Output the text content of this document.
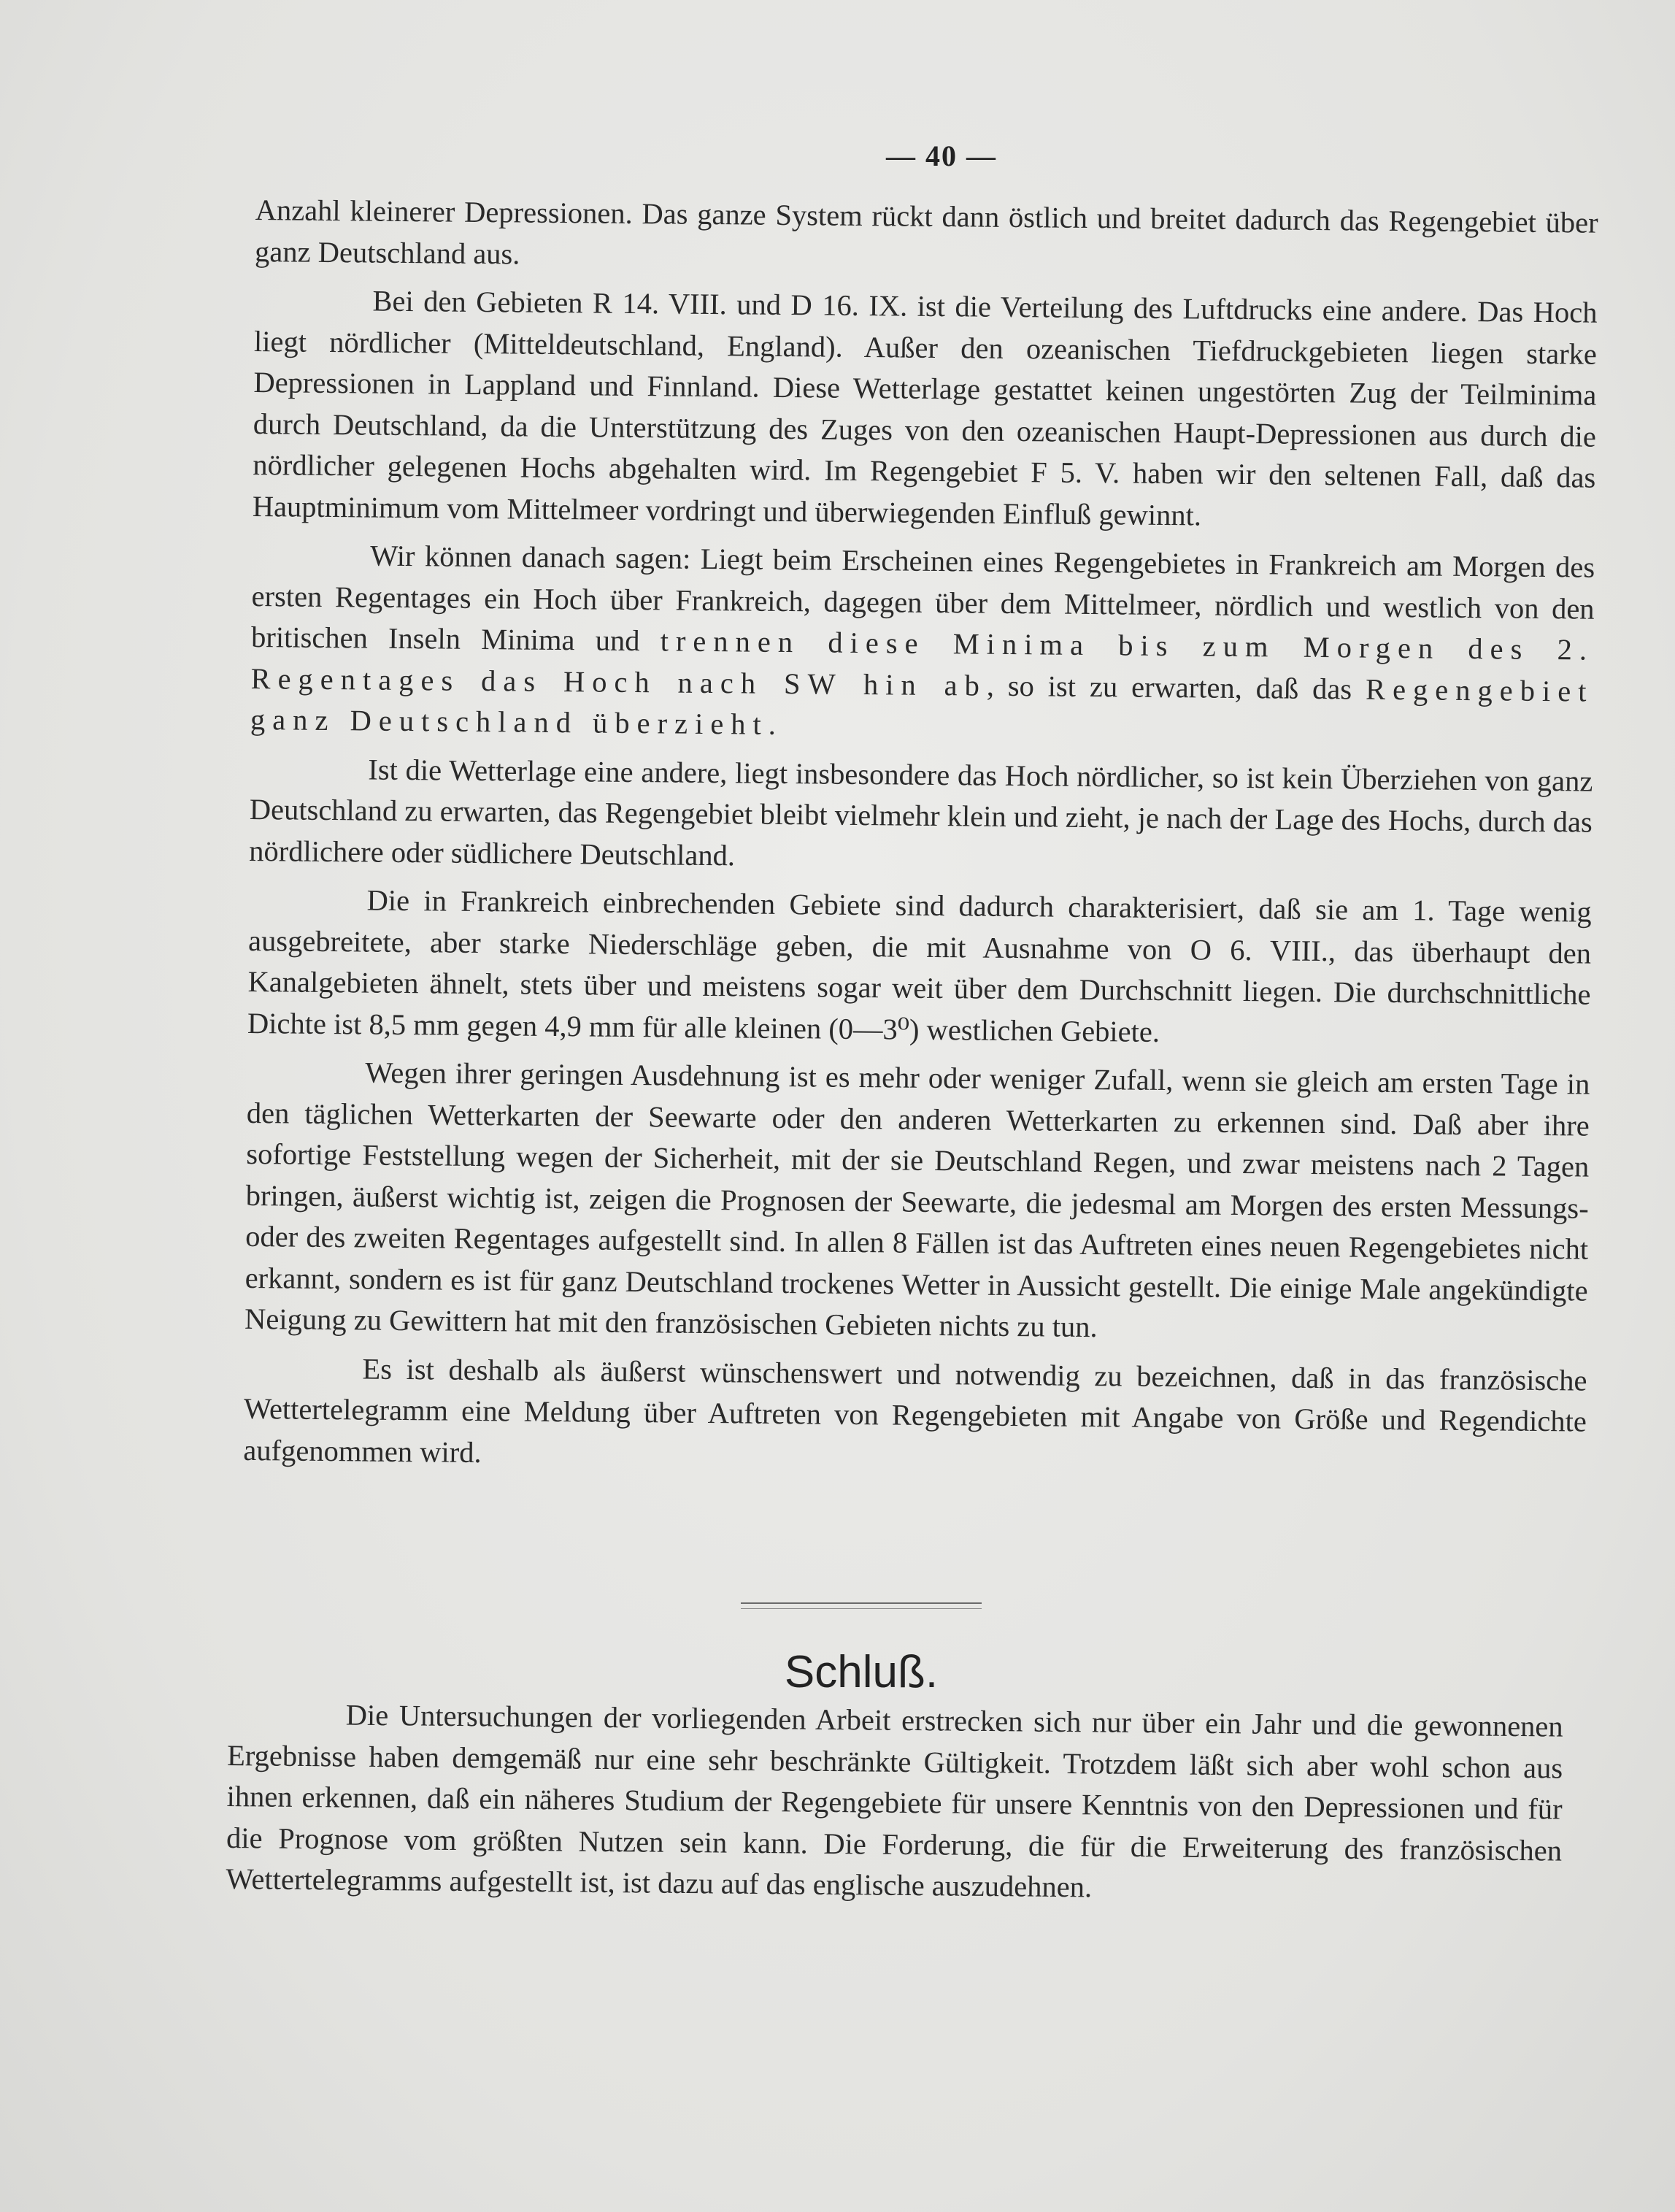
— 40 —

Anzahl kleinerer Depressionen. Das ganze System rückt dann östlich und breitet dadurch das Regengebiet über ganz Deutschland aus.

Bei den Gebieten R 14. VIII. und D 16. IX. ist die Verteilung des Luftdrucks eine andere. Das Hoch liegt nördlicher (Mitteldeutschland, England). Außer den ozeanischen Tiefdruckgebieten liegen starke Depressionen in Lappland und Finnland. Diese Wetterlage gestattet keinen ungestörten Zug der Teilminima durch Deutschland, da die Unterstützung des Zuges von den ozeanischen Haupt-Depressionen aus durch die nördlicher gelegenen Hochs abgehalten wird. Im Regengebiet F 5. V. haben wir den seltenen Fall, daß das Hauptminimum vom Mittelmeer vordringt und überwiegenden Einfluß gewinnt.

Wir können danach sagen: Liegt beim Erscheinen eines Regengebietes in Frankreich am Morgen des ersten Regentages ein Hoch über Frankreich, dagegen über dem Mittelmeer, nördlich und westlich von den britischen Inseln Minima und trennen diese Minima bis zum Morgen des 2. Regentages das Hoch nach SW hin ab, so ist zu erwarten, daß das Regengebiet ganz Deutschland überzieht.

Ist die Wetterlage eine andere, liegt insbesondere das Hoch nördlicher, so ist kein Überziehen von ganz Deutschland zu erwarten, das Regengebiet bleibt vielmehr klein und zieht, je nach der Lage des Hochs, durch das nördlichere oder südlichere Deutschland.

Die in Frankreich einbrechenden Gebiete sind dadurch charakterisiert, daß sie am 1. Tage wenig ausgebreitete, aber starke Niederschläge geben, die mit Ausnahme von O 6. VIII., das überhaupt den Kanalgebieten ähnelt, stets über und meistens sogar weit über dem Durchschnitt liegen. Die durchschnittliche Dichte ist 8,5 mm gegen 4,9 mm für alle kleinen (0—3⁰) westlichen Gebiete.

Wegen ihrer geringen Ausdehnung ist es mehr oder weniger Zufall, wenn sie gleich am ersten Tage in den täglichen Wetterkarten der Seewarte oder den anderen Wetterkarten zu erkennen sind. Daß aber ihre sofortige Feststellung wegen der Sicherheit, mit der sie Deutschland Regen, und zwar meistens nach 2 Tagen bringen, äußerst wichtig ist, zeigen die Prognosen der Seewarte, die jedesmal am Morgen des ersten Messungs- oder des zweiten Regentages aufgestellt sind. In allen 8 Fällen ist das Auftreten eines neuen Regengebietes nicht erkannt, sondern es ist für ganz Deutschland trockenes Wetter in Aussicht gestellt. Die einige Male angekündigte Neigung zu Gewittern hat mit den französischen Gebieten nichts zu tun.

Es ist deshalb als äußerst wünschenswert und notwendig zu bezeichnen, daß in das französische Wettertelegramm eine Meldung über Auftreten von Regengebieten mit Angabe von Größe und Regendichte aufgenommen wird.

Schluß.

Die Untersuchungen der vorliegenden Arbeit erstrecken sich nur über ein Jahr und die gewonnenen Ergebnisse haben demgemäß nur eine sehr beschränkte Gültigkeit. Trotzdem läßt sich aber wohl schon aus ihnen erkennen, daß ein näheres Studium der Regengebiete für unsere Kenntnis von den Depressionen und für die Prognose vom größten Nutzen sein kann. Die Forderung, die für die Erweiterung des französischen Wettertelegramms aufgestellt ist, ist dazu auf das englische auszudehnen.
